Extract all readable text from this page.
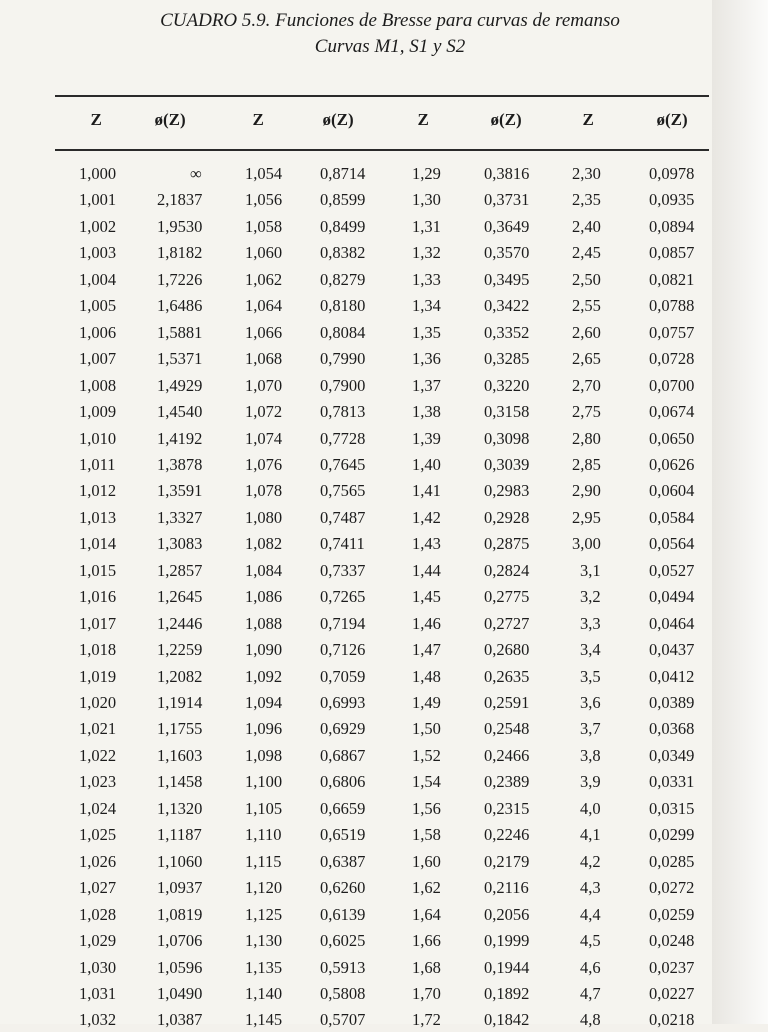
CUADRO 5.9. Funciones de Bresse para curvas de remanso
Curvas M1, S1 y S2
Z	ø(Z)	Z	ø(Z)	Z	ø(Z)	Z	ø(Z)
1,000	∞	1,054 0,8714	1,29	0,3816	2,30	0,0978
1,001 2,1837	1,056 0,8599	1,30	0,3731	2,35	0,0935
1,002 1,9530	1,058 0,8499	1,31	0,3649	2,40	0,0894
1,003 1,8182	1,060 0,8382	1,32	0,3570	2,45	0,0857
1,004 1,7226	1,062 0,8279	1,33	0,3495	2,50	0,0821
1,005 1,6486	1,064 0,8180	1,34	0,3422	2,55	0,0788
1,006 1,5881	1,066 0,8084	1,35	0,3352	2,60	0,0757
1,007 1,5371	1,068 0,7990	1,36	0,3285	2,65	0,0728
1,008 1,4929	1,070 0,7900	1,37	0,3220	2,70	0,0700
1,009 1,4540	1,072 0,7813	1,38	0,3158	2,75	0,0674
1,010 1,4192	1,074 0,7728	1,39	0,3098	2,80	0,0650
1,011	1,3878	1,076 0,7645	1,40	0,3039	2,85	0,0626
1,012 1,3591	1,078 0,7565	1,41	0,2983	2,90	0,0604
1,013 1,3327	1,080 0,7487	1,42	0,2928	2,95	0,0584
1,014 1,3083	1,082 0,7411	1,43	0,2875	3,00	0,0564
1,015 1,2857	1,084 0,7337	1,44	0,2824	3,1	0,0527
1,016 1,2645	1,086 0,7265	1,45	0,2775	3,2	0,0494
1,017 1,2446	1,088 0,7194	1,46	0,2727	3,3	0,0464
1,018 1,2259	1,090 0,7126	1,47	0,2680	3,4	0,0437
1,019 1,2082	1,092 0,7059	1,48	0,2635	3,5	0,0412
1,020 1,1914	1,094 0,6993	1,49	0,2591	3,6	0,0389
1,021 1,1755	1,096 0,6929	1,50	0,2548	3,7	0,0368
1,022 1,1603	1,098 0,6867	1,52	0,2466	3,8	0,0349
1,023 1,1458	1,100 0,6806	1,54	0,2389	3,9	0,0331
1,024 1,1320	1,105 0,6659	1,56	0,2315	4,0	0,0315
1,025 1,1187	1,110 0,6519	1,58	0,2246	4,1	0,0299
1,026 1,1060	1,115 0,6387	1,60	0,2179	4,2	0,0285
1,027 1,0937	1,120 0,6260	1,62	0,2116	4,3	0,0272
1,028 1,0819	1,125 0,6139	1,64	0,2056	4,4	0,0259
1,029 1,0706	1,130 0,6025	1,66	0,1999	4,5	0,0248
1,030 1,0596	1,135 0,5913	1,68	0,1944	4,6	0,0237
1,031 1,0490	1,140 0,5808	1,70	0,1892	4,7	0,0227
1,032 1,0387	1,145 0,5707	1,72	0,1842	4,8	0,0218
